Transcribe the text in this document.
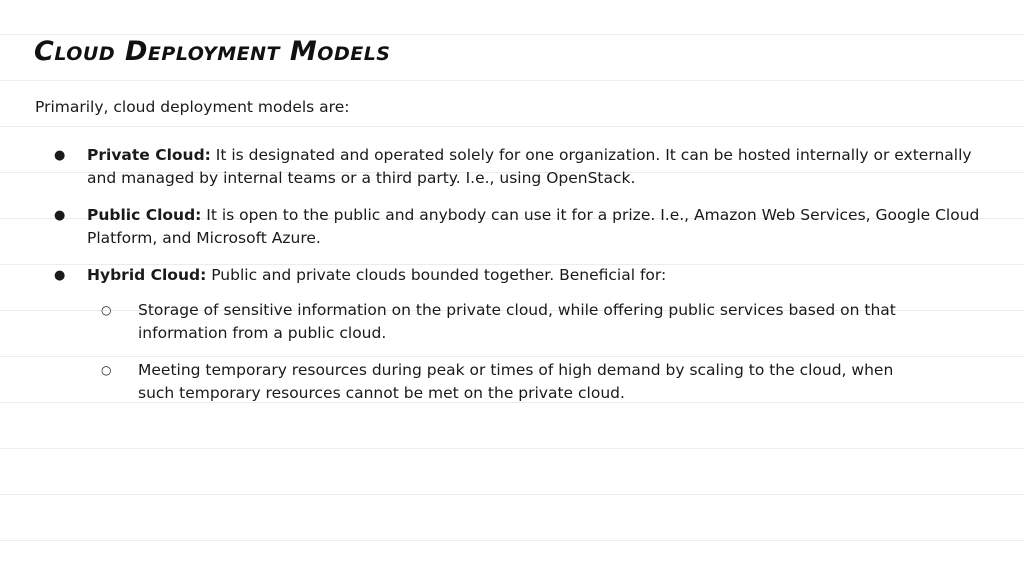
Cloud Deployment Models

Primarily, cloud deployment models are:

● Private Cloud: It is designated and operated solely for one organization. It can be hosted internally or externally and managed by internal teams or a third party. I.e., using OpenStack.
● Public Cloud: It is open to the public and anybody can use it for a prize. I.e., Amazon Web Services, Google Cloud Platform, and Microsoft Azure.
● Hybrid Cloud: Public and private clouds bounded together. Beneficial for:
○ Storage of sensitive information on the private cloud, while offering public services based on that information from a public cloud.
○ Meeting temporary resources during peak or times of high demand by scaling to the cloud, when such temporary resources cannot be met on the private cloud.
